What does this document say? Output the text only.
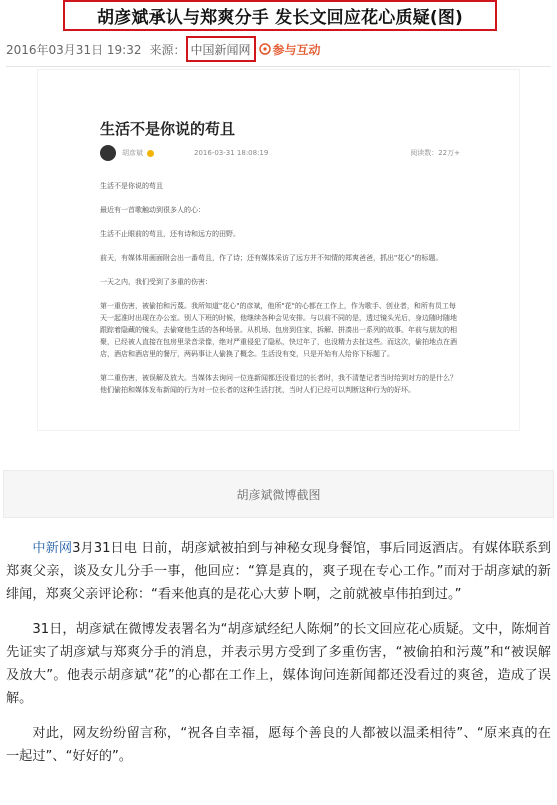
胡彦斌承认与郑爽分手 发长文回应花心质疑(图)
2016年03月31日 19:32 来源： 中国新闻网 参与互动
生活不是你说的苟且
胡彦斌	2016-03-31 18:08:19	阅读数：22万+

生活不是你说的苟且

最近有一首歌触动到很多人的心：

生活不止眼前的苟且，还有诗和远方的田野。

前天，有媒体用画面附会出一番苟且，作了诗；还有媒体采访了远方并不知情的郑爽爸爸，抓出"花心"的标题。

一天之内，我们受到了多重的伤害：

第一重伤害，被偷拍和污蔑。我所知道"花心"的彦斌，他所"花"的心都在工作上，作为歌手、创业者，和所有员工每天一起准时出现在办公室。别人下班的时候，他继续各种会见安排。与以前不同的是，透过镜头光后，身边随时随地跟踪着隐藏的镜头，去偷窥他生活的各种场景。从机场、包房到住家，拆解、拼凑出一系列的故事。年前与朋友的相聚，已经被人直接在包房里录音录像，绝对严重侵犯了隐私，快过年了，也没精力去扯这些。而这次，偷拍地点在酒店，酒店和酒店里的餐厅，两码事让人偷换了概念。生活没有变，只是开始有人给你下标题了。

第二重伤害，被误解及放大。当媒体去询问一位连新闻都还没看过的长者时，我不清楚记者当时给到对方的是什么？他们偷拍和媒体发布新闻的行为对一位长者的这种生活打扰，当时人们已经可以判断这种行为的好坏。

胡彦斌微博截图

中新网3月31日电 日前，胡彦斌被拍到与神秘女现身餐馆，事后同返酒店。有媒体联系到郑爽父亲，谈及女儿分手一事，他回应：“算是真的，爽子现在专心工作。”而对于胡彦斌的新绯闻，郑爽父亲评论称：“看来他真的是花心大萝卜啊，之前就被卓伟拍到过。”

31日，胡彦斌在微博发表署名为“胡彦斌经纪人陈炯”的长文回应花心质疑。文中，陈炯首先证实了胡彦斌与郑爽分手的消息，并表示男方受到了多重伤害，“被偷拍和污蔑”和“被误解及放大”。他表示胡彦斌“花”的心都在工作上，媒体询问连新闻都还没看过的爽爸，造成了误解。

对此，网友纷纷留言称，“祝各自幸福，愿每个善良的人都被以温柔相待”、“原来真的在一起过”、“好好的”。
